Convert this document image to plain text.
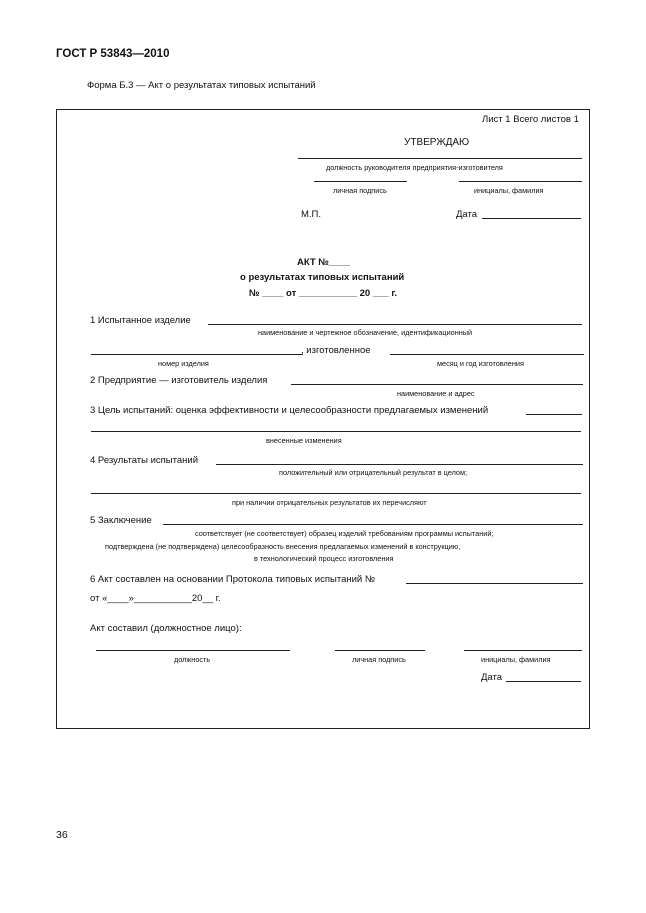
ГОСТ Р 53843—2010
Форма Б.3 — Акт о результатах типовых испытаний
Лист 1 Всего листов 1
УТВЕРЖДАЮ
должность руководителя предприятия-изготовителя
личная подпись	инициалы, фамилия
М.П.	Дата
АКТ №____
о результатах типовых испытаний
№ ____ от ___________ 20 ___ г.
1 Испытанное изделие
наименование и чертежное обозначение, идентификационный
, изготовленное
номер изделия	месяц и год изготовления
2 Предприятие — изготовитель изделия
наименование и адрес
3 Цель испытаний: оценка эффективности и целесообразности предлагаемых изменений
внесенные изменения
4 Результаты испытаний
положительный или отрицательный результат в целом;
при наличии отрицательных результатов их перечисляют
5 Заключение
соответствует (не соответствует) образец изделий требованиям программы испытаний;
подтверждена (не подтверждена) целесообразность внесения предлагаемых изменений в конструкцию,
в технологический процесс изготовления
6 Акт составлен на основании Протокола типовых испытаний №
от «____»___________20__ г.
Акт составил (должностное лицо):
должность	личная подпись	инициалы, фамилия
Дата
36
